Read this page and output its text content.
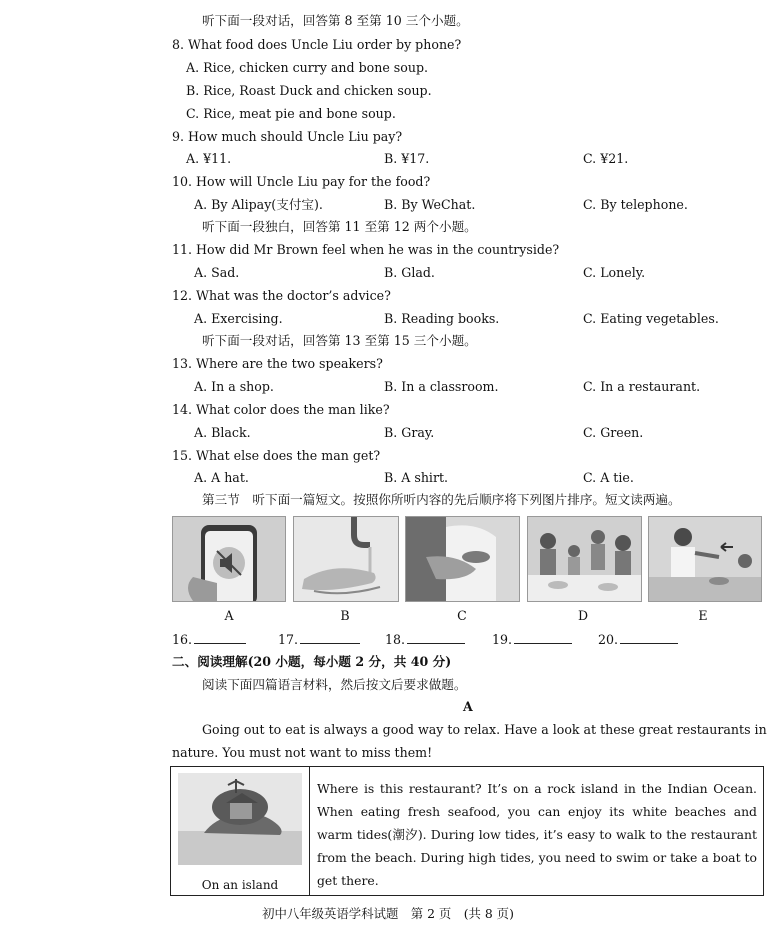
听下面一段对话，回答第 8 至第 10 三个小题。
8. What food does Uncle Liu order by phone?
A. Rice, chicken curry and bone soup.
B. Rice, Roast Duck and chicken soup.
C. Rice, meat pie and bone soup.
9. How much should Uncle Liu pay?
A. ¥11.	B. ¥17.	C. ¥21.
10. How will Uncle Liu pay for the food?
A. By Alipay(支付宝).	B. By WeChat.	C. By telephone.
听下面一段独白，回答第 11 至第 12 两个小题。
11. How did Mr Brown feel when he was in the countryside?
A. Sad.	B. Glad.	C. Lonely.
12. What was the doctor’s advice?
A. Exercising.	B. Reading books.	C. Eating vegetables.
听下面一段对话，回答第 13 至第 15 三个小题。
13. Where are the two speakers?
A. In a shop.	B. In a classroom.	C. In a restaurant.
14. What color does the man like?
A. Black.	B. Gray.	C. Green.
15. What else does the man get?
A. A hat.	B. A shirt.	C. A tie.
第三节　听下面一篇短文。按照你所听内容的先后顺序将下列图片排序。短文读两遍。
A	B	C	D	E
16.	17.	18.	19.	20.
二、阅读理解(20 小题，每小题 2 分，共 40 分)
阅读下面四篇语言材料，然后按文后要求做题。
A
Going out to eat is always a good way to relax. Have a look at these great restaurants in
nature. You must not want to miss them!
On an island
Where is this restaurant? It’s on a rock island in the Indian Ocean. When eating fresh seafood, you can enjoy its white beaches and warm tides(潮汐). During low tides, it’s easy to walk to the restaurant from the beach. During high tides, you need to swim or take a boat to get there.
初中八年级英语学科试题　第 2 页　(共 8 页)
